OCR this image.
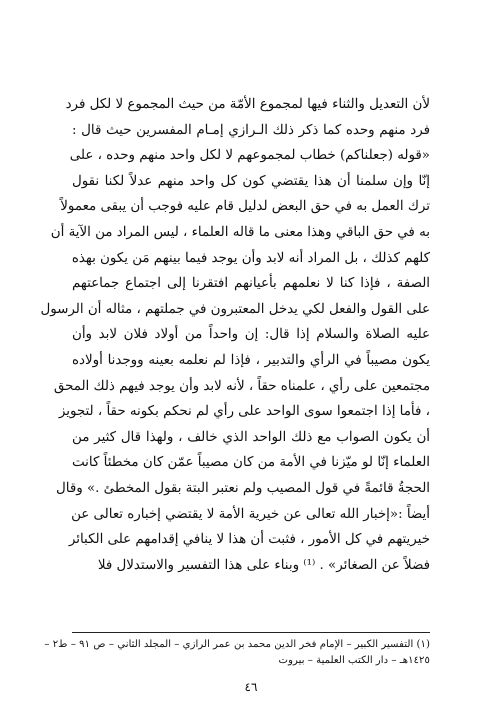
لأن التعديل والثناء فيها لمجموع الأمّة من حيث المجموع لا لكل فرد
فرد منهم وحده كما ذكر ذلك الـرازي إمـام المفسرين حيث قال :
«قوله (جعلناكم) خطاب لمجموعهم لا لكل واحد منهم وحده ، على
إنّا وإن سلمنا أن هذا يقتضي كون كل واحد منهم عدلاً لكنا نقول
ترك العمل به في حق البعض لدليل قام عليه فوجب أن يبقى معمولاً
به في حق الباقي وهذا معنى ما قاله العلماء ، ليس المراد من الآية أن
كلهم كذلك ، بل المراد أنه لابد وأن يوجد فيما بينهم مَن يكون بهذه
الصفة ، فإذا كنا لا نعلمهم بأعيانهم افتقرنا إلى اجتماع جماعتهم
على القول والفعل لكي يدخل المعتبرون في جملتهم ، مثاله أن الرسول
عليه الصلاة والسلام إذا قال: إن واحداً من أولاد فلان لابد وأن
يكون مصيباً في الرأي والتدبير ، فإذا لم نعلمه بعينه ووجدنا أولاده
مجتمعين على رأي ، علمناه حقاً ، لأنه لابد وأن يوجد فيهم ذلك المحق
، فأما إذا اجتمعوا سوى الواحد على رأي لم نحكم بكونه حقاً ، لتجويز
أن يكون الصواب مع ذلك الواحد الذي خالف ، ولهذا قال كثير من
العلماء إنّا لو ميّزنا في الأمة من كان مصيباً عمّن كان مخطئاً كانت
الحجةُ قائمةً في قول المصيب ولم نعتبر البتة بقول المخطئ .» وقال
أيضاً :«إخبار الله تعالى عن خيرية الأمة لا يقتضي إخباره تعالى عن
خيريتهم في كل الأمور ، فثبت أن هذا لا ينافي إقدامهم على الكبائر
فضلاً عن الصغائر» . ⁽¹⁾ وبناء على هذا التفسير والاستدلال فلا
(١) التفسير الكبير – الإمام فخر الدين محمد بن عمر الرازي – المجلد الثاني – ص ٩١ – ط٢ –
١٤٢٥هـ – دار الكتب العلمية – بيروت
٤٦
